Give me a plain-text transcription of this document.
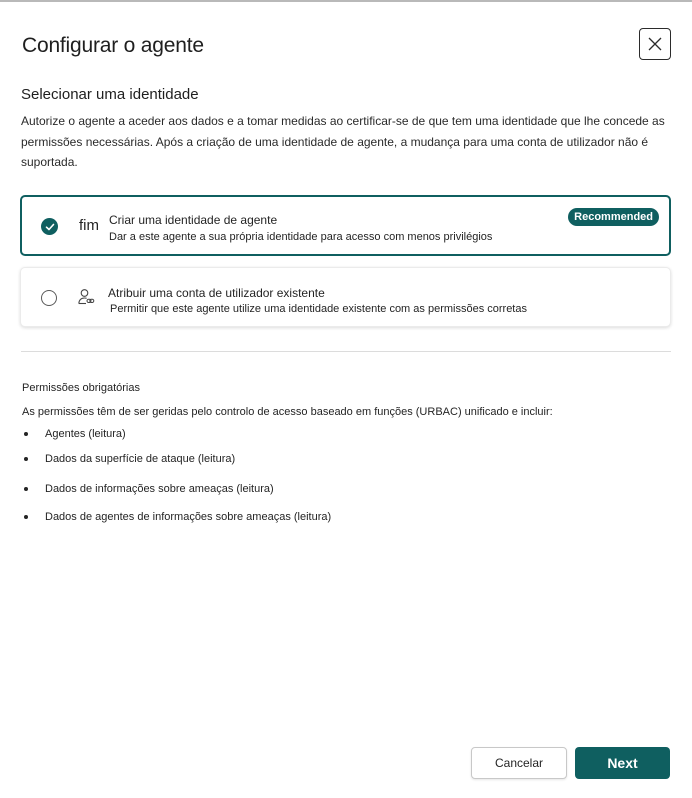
Configurar o agente
Selecionar uma identidade
Autorize o agente a aceder aos dados e a tomar medidas ao certificar-se de que tem uma identidade que lhe concede as permissões necessárias. Após a criação de uma identidade de agente, a mudança para uma conta de utilizador não é suportada.
fim Criar uma identidade de agente
Dar a este agente a sua própria identidade para acesso com menos privilégios
Recommended
Atribuir uma conta de utilizador existente
Permitir que este agente utilize uma identidade existente com as permissões corretas
Permissões obrigatórias
As permissões têm de ser geridas pelo controlo de acesso baseado em funções (URBAC) unificado e incluir:
Agentes (leitura)
Dados da superfície de ataque (leitura)
Dados de informações sobre ameaças (leitura)
Dados de agentes de informações sobre ameaças (leitura)
Cancelar	Next
